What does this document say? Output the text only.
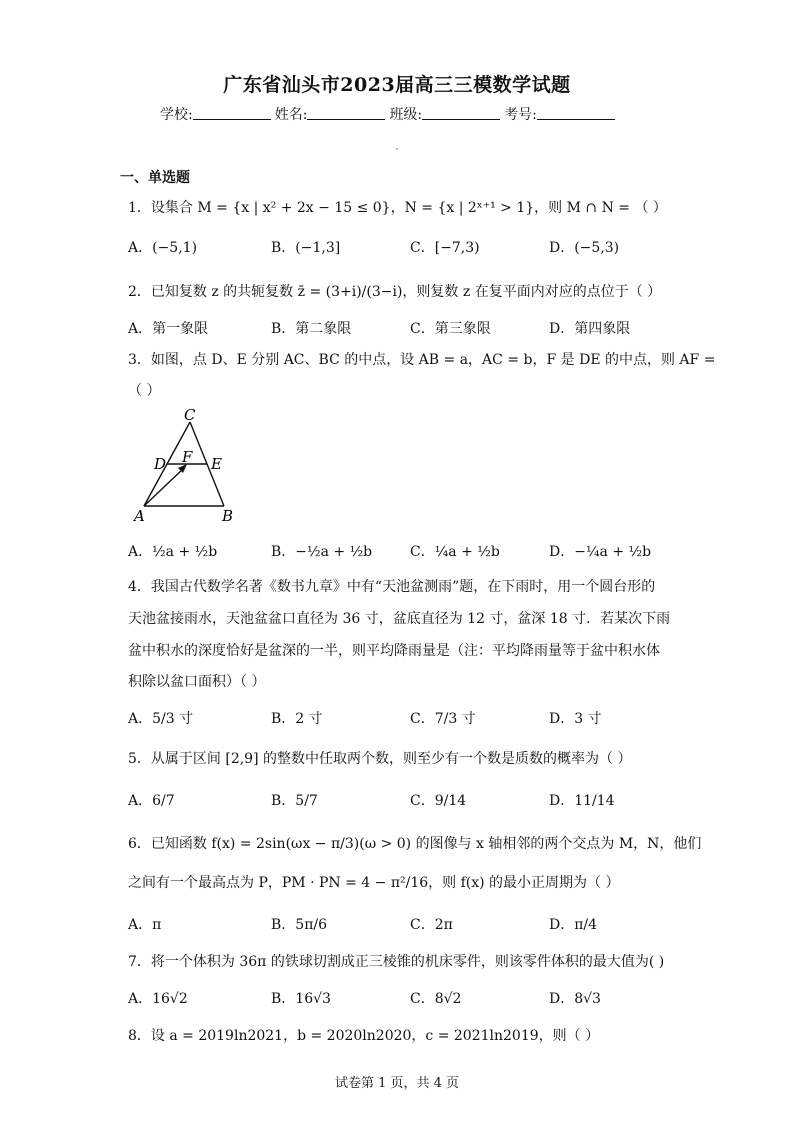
广东省汕头市2023届高三三模数学试题
学校:	姓名:	班级:	考号:
一、单选题
1．设集合 M = {x | x² + 2x − 15 ≤ 0}，N = {x | 2ˣ⁺¹ > 1}，则 M ∩ N = （ ）
A．(−5,1)	B．(−1,3]	C．[−7,3)	D．(−5,3)
2．已知复数 z 的共轭复数 z̄ = (3+i)/(3−i)，则复数 z 在复平面内对应的点位于（ ）
A．第一象限	B．第二象限	C．第三象限	D．第四象限
3．如图，点 D、E 分别 AC、BC 的中点，设 AB = a，AC = b，F 是 DE 的中点，则 AF =
（ ）
C
D F E
A	B
A．½a + ½b	B．−½a + ½b	C．¼a + ½b	D．−¼a + ½b
4．我国古代数学名著《数书九章》中有“天池盆测雨”题，在下雨时，用一个圆台形的
天池盆接雨水，天池盆盆口直径为 36 寸，盆底直径为 12 寸，盆深 18 寸．若某次下雨
盆中积水的深度恰好是盆深的一半，则平均降雨量是（注：平均降雨量等于盆中积水体
积除以盆口面积）（ ）
A．5/3 寸	B．2 寸	C．7/3 寸	D．3 寸
5．从属于区间 [2,9] 的整数中任取两个数，则至少有一个数是质数的概率为（ ）
A．6/7	B．5/7	C．9/14	D．11/14
6．已知函数 f(x) = 2sin(ωx − π/3)(ω > 0) 的图像与 x 轴相邻的两个交点为 M，N，他们
之间有一个最高点为 P，PM · PN = 4 − π²/16，则 f(x) 的最小正周期为（ ）
A．π	B．5π/6	C．2π	D．π/4
7．将一个体积为 36π 的铁球切割成正三棱锥的机床零件，则该零件体积的最大值为( )
A．16√2	B．16√3	C．8√2	D．8√3
8．设 a = 2019ln2021，b = 2020ln2020，c = 2021ln2019，则（ ）
试卷第 1 页，共 4 页
